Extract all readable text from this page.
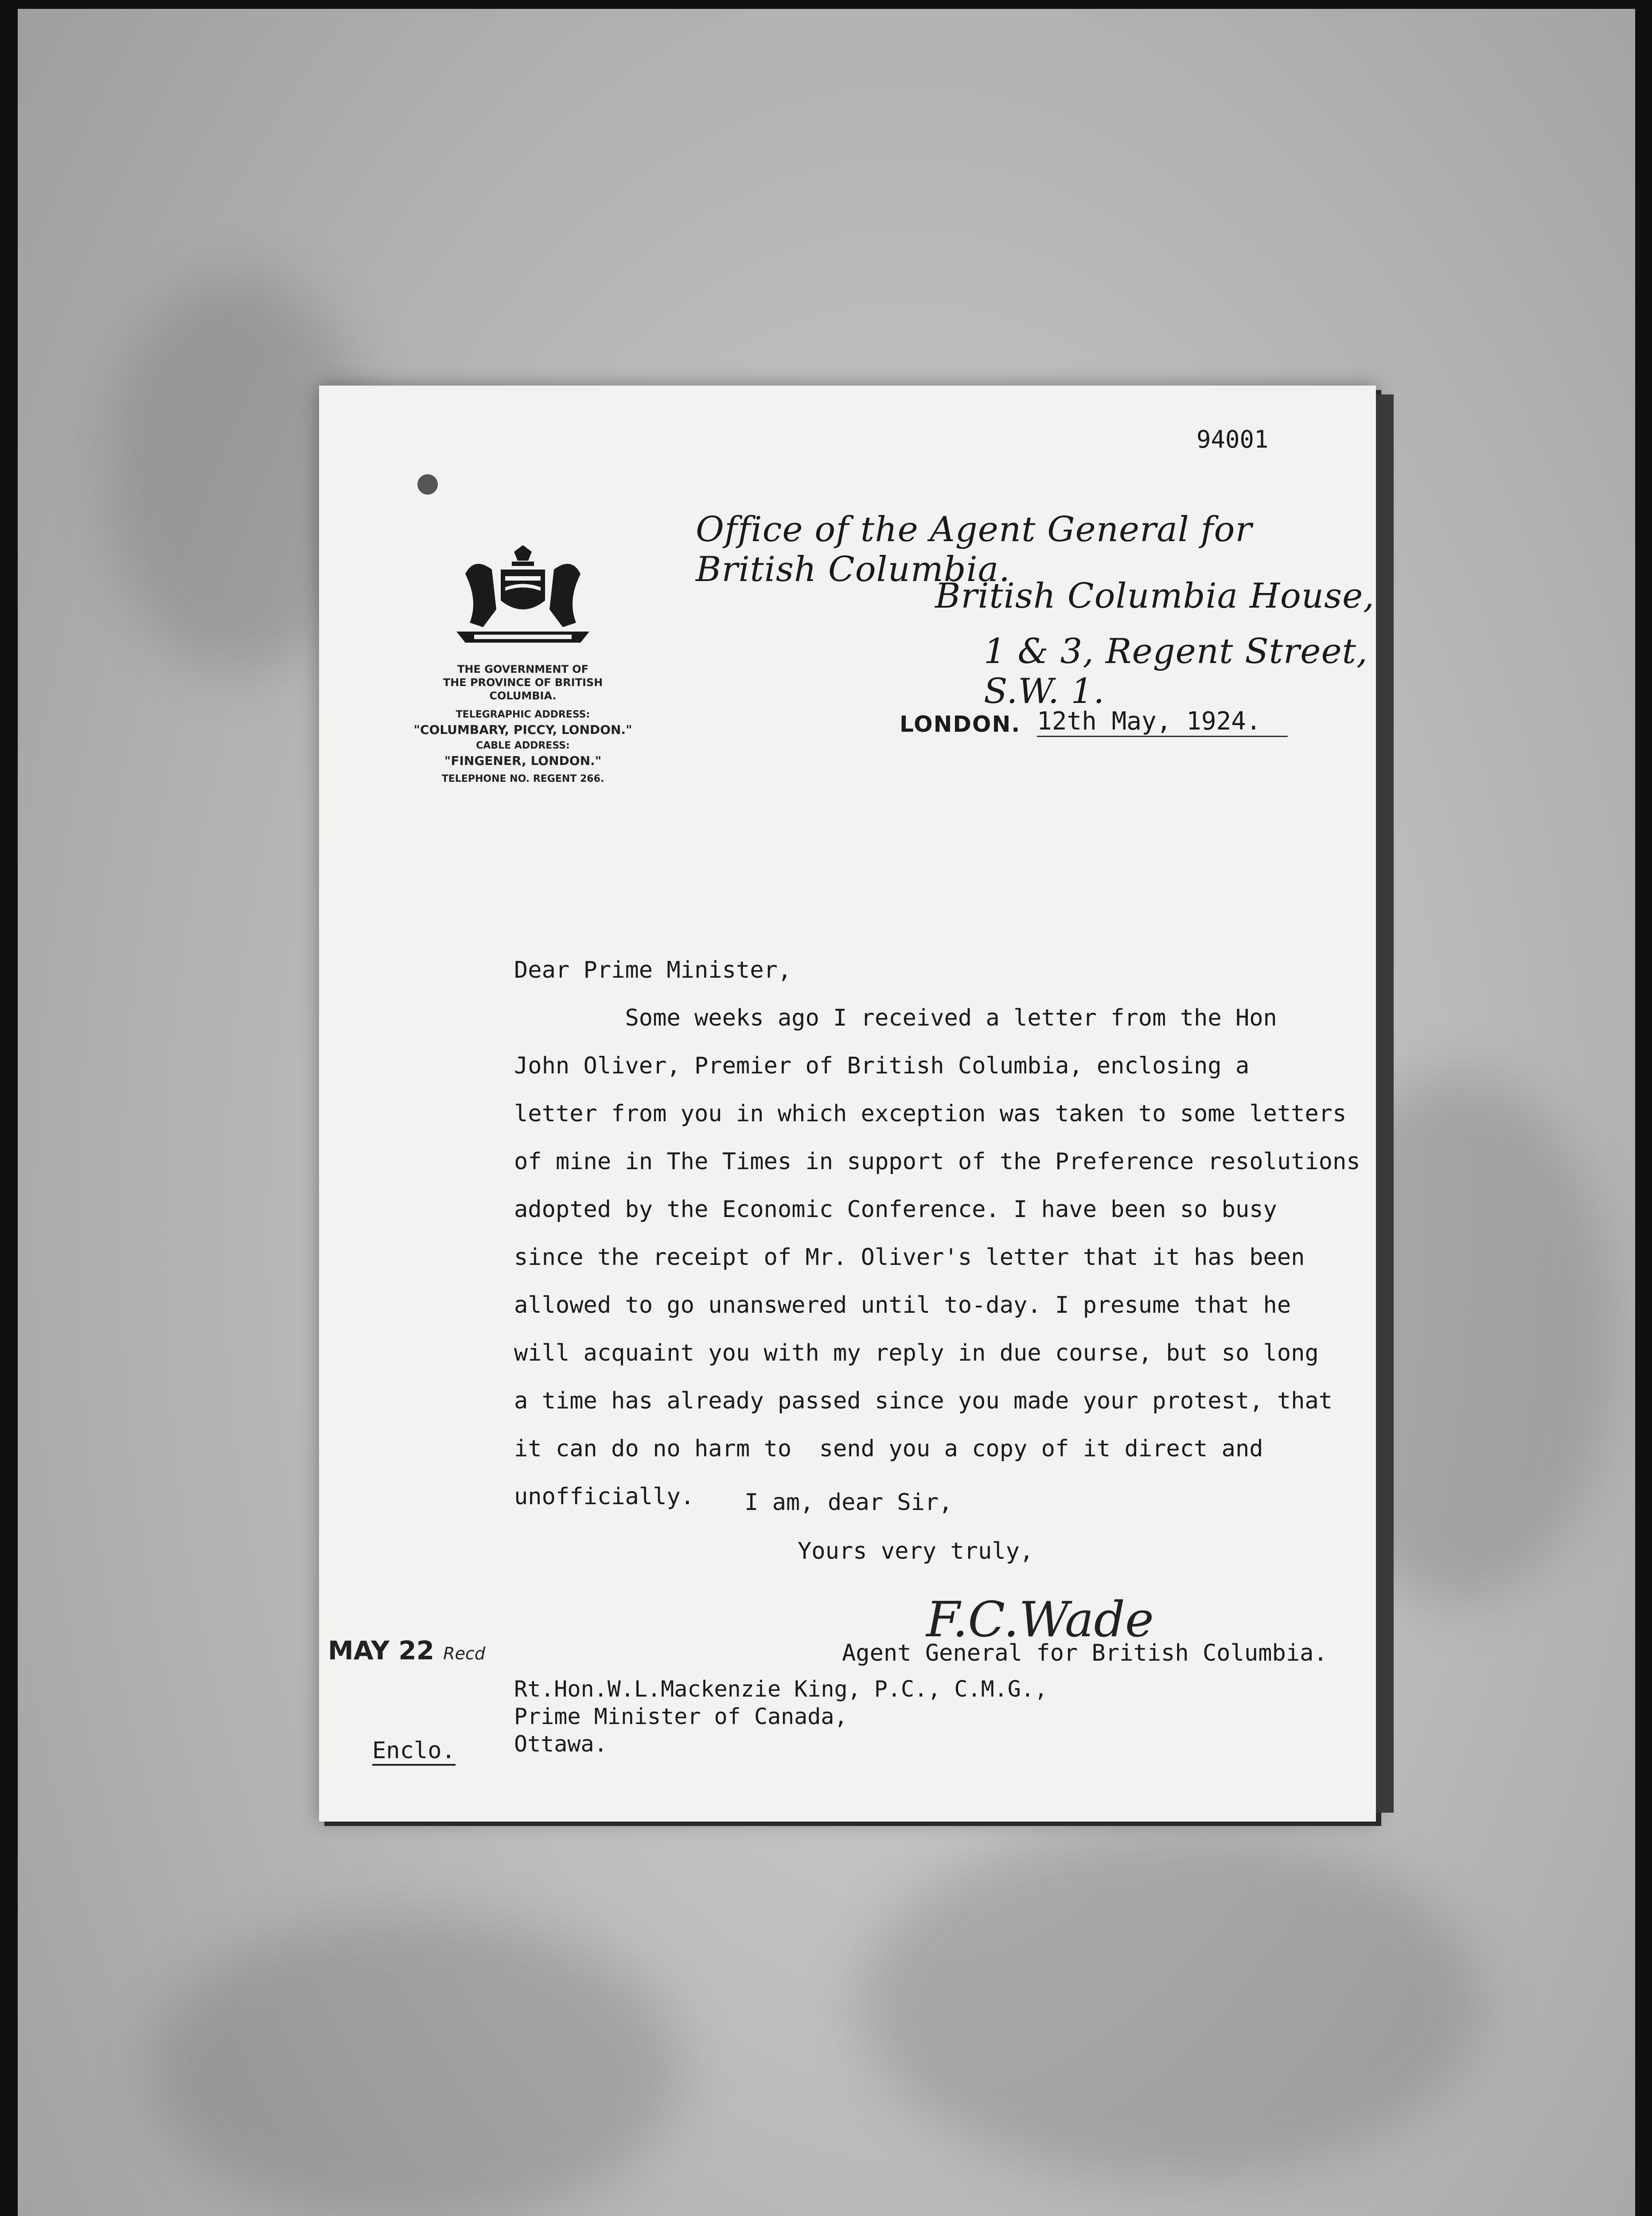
94001
Office of the Agent General for British Columbia.
British Columbia House,
1 & 3, Regent Street, S.W. 1.
THE GOVERNMENT OF
THE PROVINCE OF BRITISH COLUMBIA.
TELEGRAPHIC ADDRESS:
"COLUMBARY, PICCY, LONDON."
CABLE ADDRESS:
"FINGENER, LONDON."
TELEPHONE NO. REGENT 266.
LONDON. 12th May, 1924.

Dear Prime Minister,

Some weeks ago I received a letter from the Hon

John Oliver, Premier of British Columbia, enclosing a

letter from you in which exception was taken to some letters

of mine in The Times in support of the Preference resolutions

adopted by the Economic Conference. I have been so busy

since the receipt of Mr. Oliver's letter that it has been

allowed to go unanswered until to-day. I presume that he

will acquaint you with my reply in due course, but so long

a time has already passed since you made your protest, that

it can do no harm to  send you a copy of it direct and

unofficially.	I am, dear Sir,
Yours very truly,
F.C.Wade
Agent General for British Columbia.
Rt.Hon.W.L.Mackenzie King, P.C., C.M.G.,
Prime Minister of Canada,
Ottawa.
MAY 22 Recd
Enclo.
